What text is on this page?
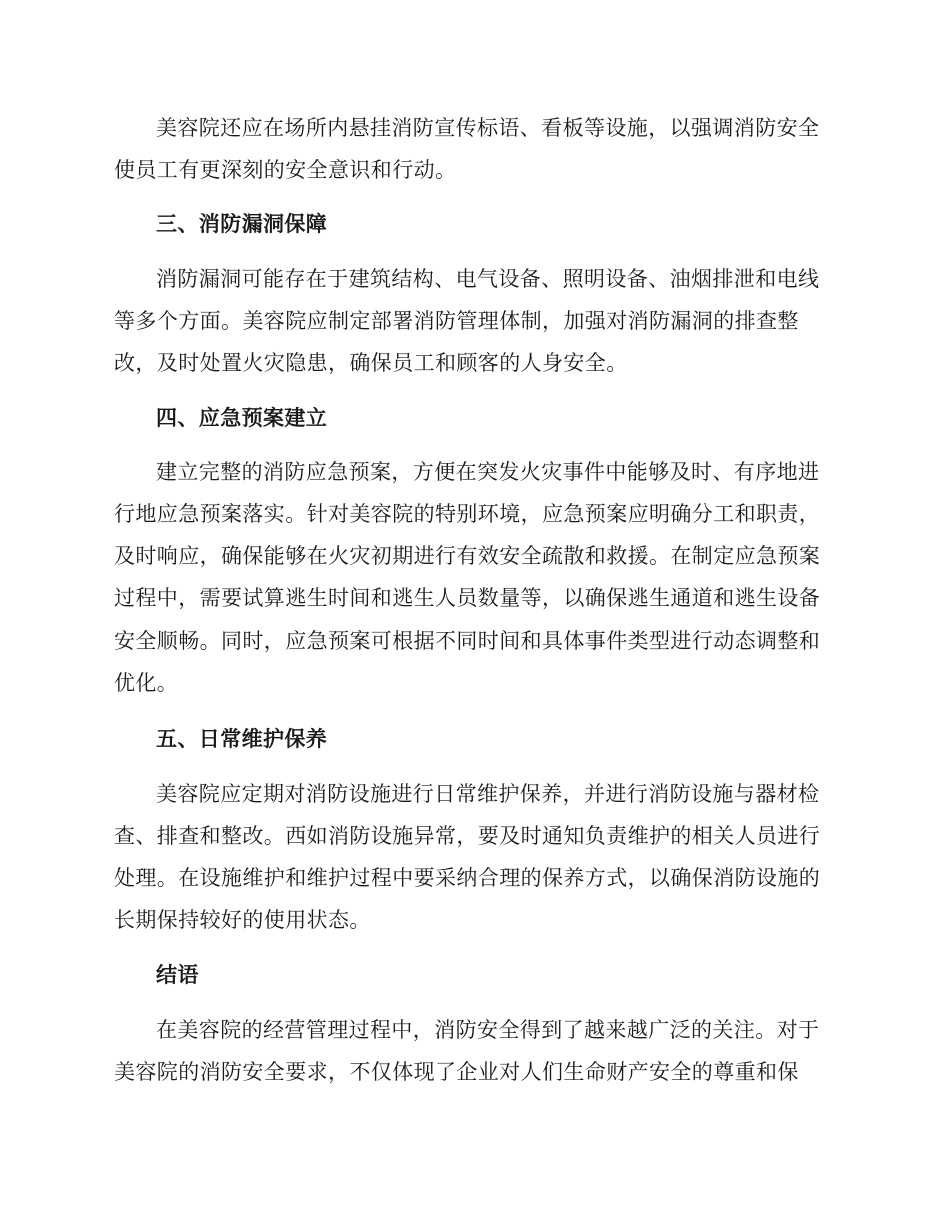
美容院还应在场所内悬挂消防宣传标语、看板等设施，以强调消防安全
使员工有更深刻的安全意识和行动。
三、消防漏洞保障
消防漏洞可能存在于建筑结构、电气设备、照明设备、油烟排泄和电线
等多个方面。美容院应制定部署消防管理体制，加强对消防漏洞的排查整
改，及时处置火灾隐患，确保员工和顾客的人身安全。
四、应急预案建立
建立完整的消防应急预案，方便在突发火灾事件中能够及时、有序地进
行地应急预案落实。针对美容院的特别环境，应急预案应明确分工和职责，
及时响应，确保能够在火灾初期进行有效安全疏散和救援。在制定应急预案
过程中，需要试算逃生时间和逃生人员数量等，以确保逃生通道和逃生设备
安全顺畅。同时，应急预案可根据不同时间和具体事件类型进行动态调整和
优化。
五、日常维护保养
美容院应定期对消防设施进行日常维护保养，并进行消防设施与器材检
查、排查和整改。西如消防设施异常，要及时通知负责维护的相关人员进行
处理。在设施维护和维护过程中要采纳合理的保养方式，以确保消防设施的
长期保持较好的使用状态。
结语
在美容院的经营管理过程中，消防安全得到了越来越广泛的关注。对于
美容院的消防安全要求，不仅体现了企业对人们生命财产安全的尊重和保
